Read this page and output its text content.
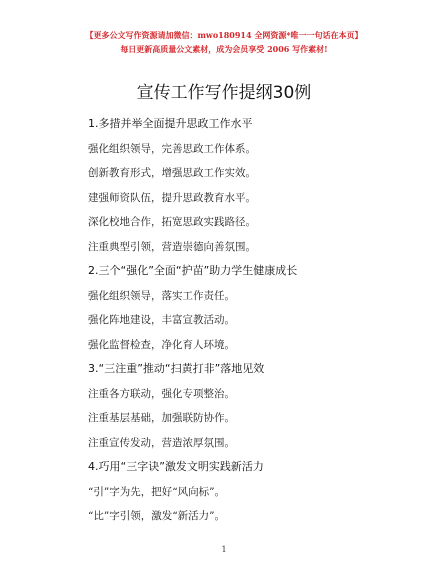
【更多公文写作资源请加微信：mwo180914 全网资源*唯一一句话在本页】
每日更新高质量公文素材，成为会员享受 2006 写作素材!
宣传工作写作提纲30例
1.多措并举全面提升思政工作水平
强化组织领导，完善思政工作体系。
创新教育形式，增强思政工作实效。
建强师资队伍，提升思政教育水平。
深化校地合作，拓宽思政实践路径。
注重典型引领，营造崇德向善氛围。
2.三个“强化”全面“护苗”助力学生健康成长
强化组织领导，落实工作责任。
强化阵地建设，丰富宣教活动。
强化监督检查，净化育人环境。
3.“三注重”推动“扫黄打非”落地见效
注重各方联动，强化专项整治。
注重基层基础，加强联防协作。
注重宣传发动，营造浓厚氛围。
4.巧用“三字诀”激发文明实践新活力
“引”字为先，把好“风向标”。
“比”字引领，激发“新活力”。
1
